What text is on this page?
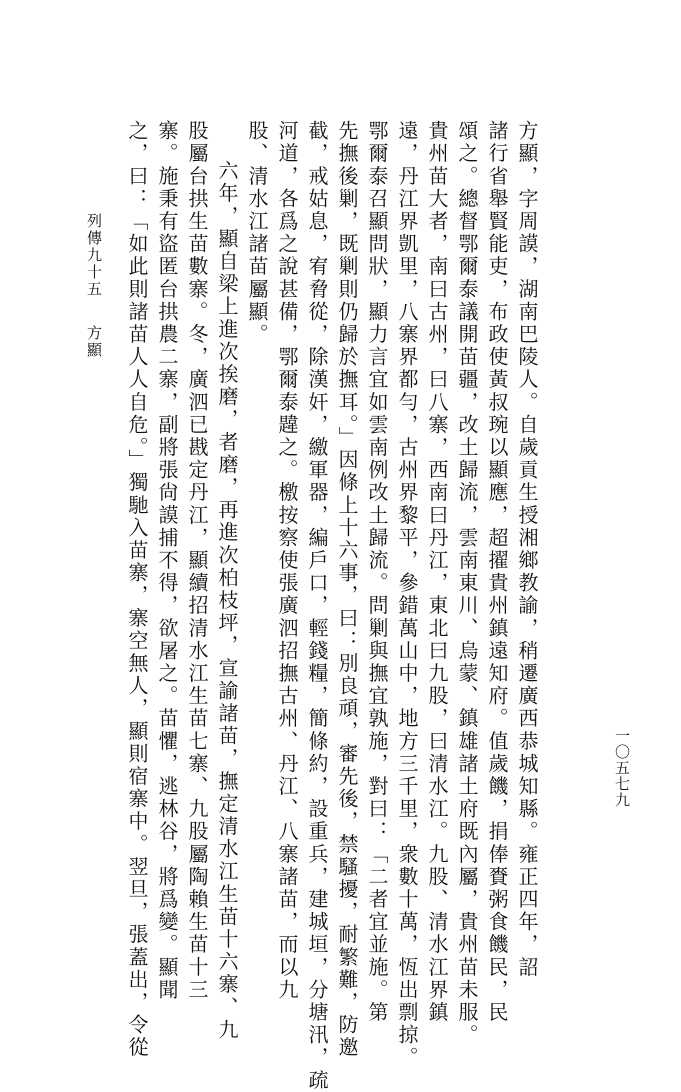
方顯，字周謨，湖南巴陵人。自歲貢生授湘鄉教諭，稍遷廣西恭城知縣。雍正四年，詔
諸行省舉賢能吏，布政使黃叔琬以顯應，超擢貴州鎮遠知府。值歲饑，捐俸賚粥食饑民，民
頌之。總督鄂爾泰議開苗疆，改土歸流，雲南東川、烏蒙、鎮雄諸土府既內屬，貴州苗未服。
貴州苗大者，南曰古州，曰八寨，西南曰丹江，東北曰九股，曰清水江。九股、清水江界鎮
遠，丹江界凱里，八寨界都勻，古州界黎平，參錯萬山中，地方三千里，衆數十萬，恆出剽掠。
鄂爾泰召顯問狀，顯力言宜如雲南例改土歸流。問剿與撫宜孰施，對曰：「二者宜並施。第
先撫後剿，既剿則仍歸於撫耳。」因條上十六事，曰：別良頑，審先後，禁騷擾，耐繁難，防邀
截，戒姑息，宥脅從，除漢奸，繳軍器，編戶口，輕錢糧，簡條約，設重兵，建城垣，分塘汛，疏
河道，各爲之說甚備，鄂爾泰韙之。檄按察使張廣泗招撫古州、丹江、八寨諸苗，而以九
股、清水江諸苗屬顯。
六年，顯自梁上進次挨磨，者磨，再進次柏枝坪，宣諭諸苗，撫定清水江生苗十六寨、九
股屬台拱生苗數寨。冬，廣泗已戡定丹江，顯續招清水江生苗七寨、九股屬陶賴生苗十三
寨。施秉有盜匿台拱農二寨，副將張尙謨捕不得，欲屠之。苗懼，逃林谷，將爲變。顯聞
之，曰：「如此則諸苗人人自危。」獨馳入苗寨，寨空無人，顯則宿寨中。翌旦，張蓋出，令從
列傳九十五
方顯
一〇五七九
